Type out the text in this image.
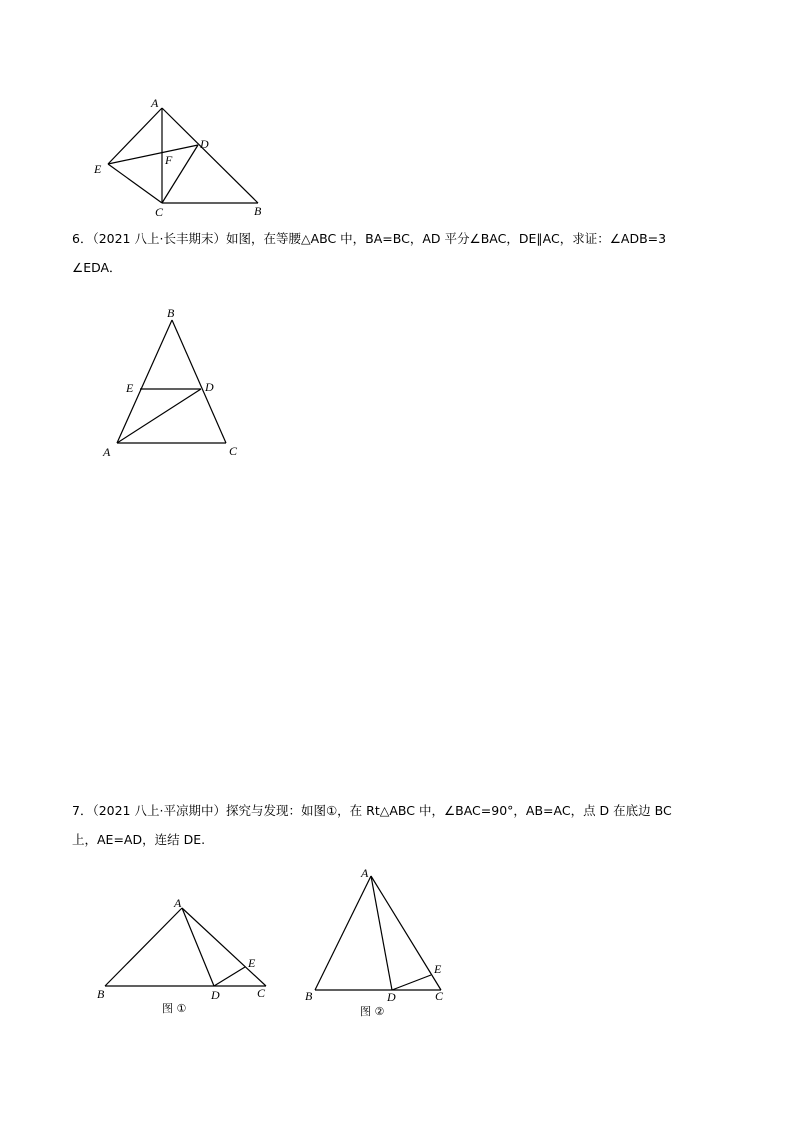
A
D
E
F
C	B
6．（2021 八上·长丰期末）如图，在等腰△ABC 中，BA=BC，AD 平分∠BAC，DE∥AC，求证：∠ADB=3
∠EDA．
B
E	D
A	C
7．（2021 八上·平凉期中）探究与发现：如图①，在 Rt△ABC 中，∠BAC=90°，AB=AC，点 D 在底边 BC
上，AE=AD，连结 DE.
A
E
B	D	C
图 ①
A
E
B	D	C
图 ②
